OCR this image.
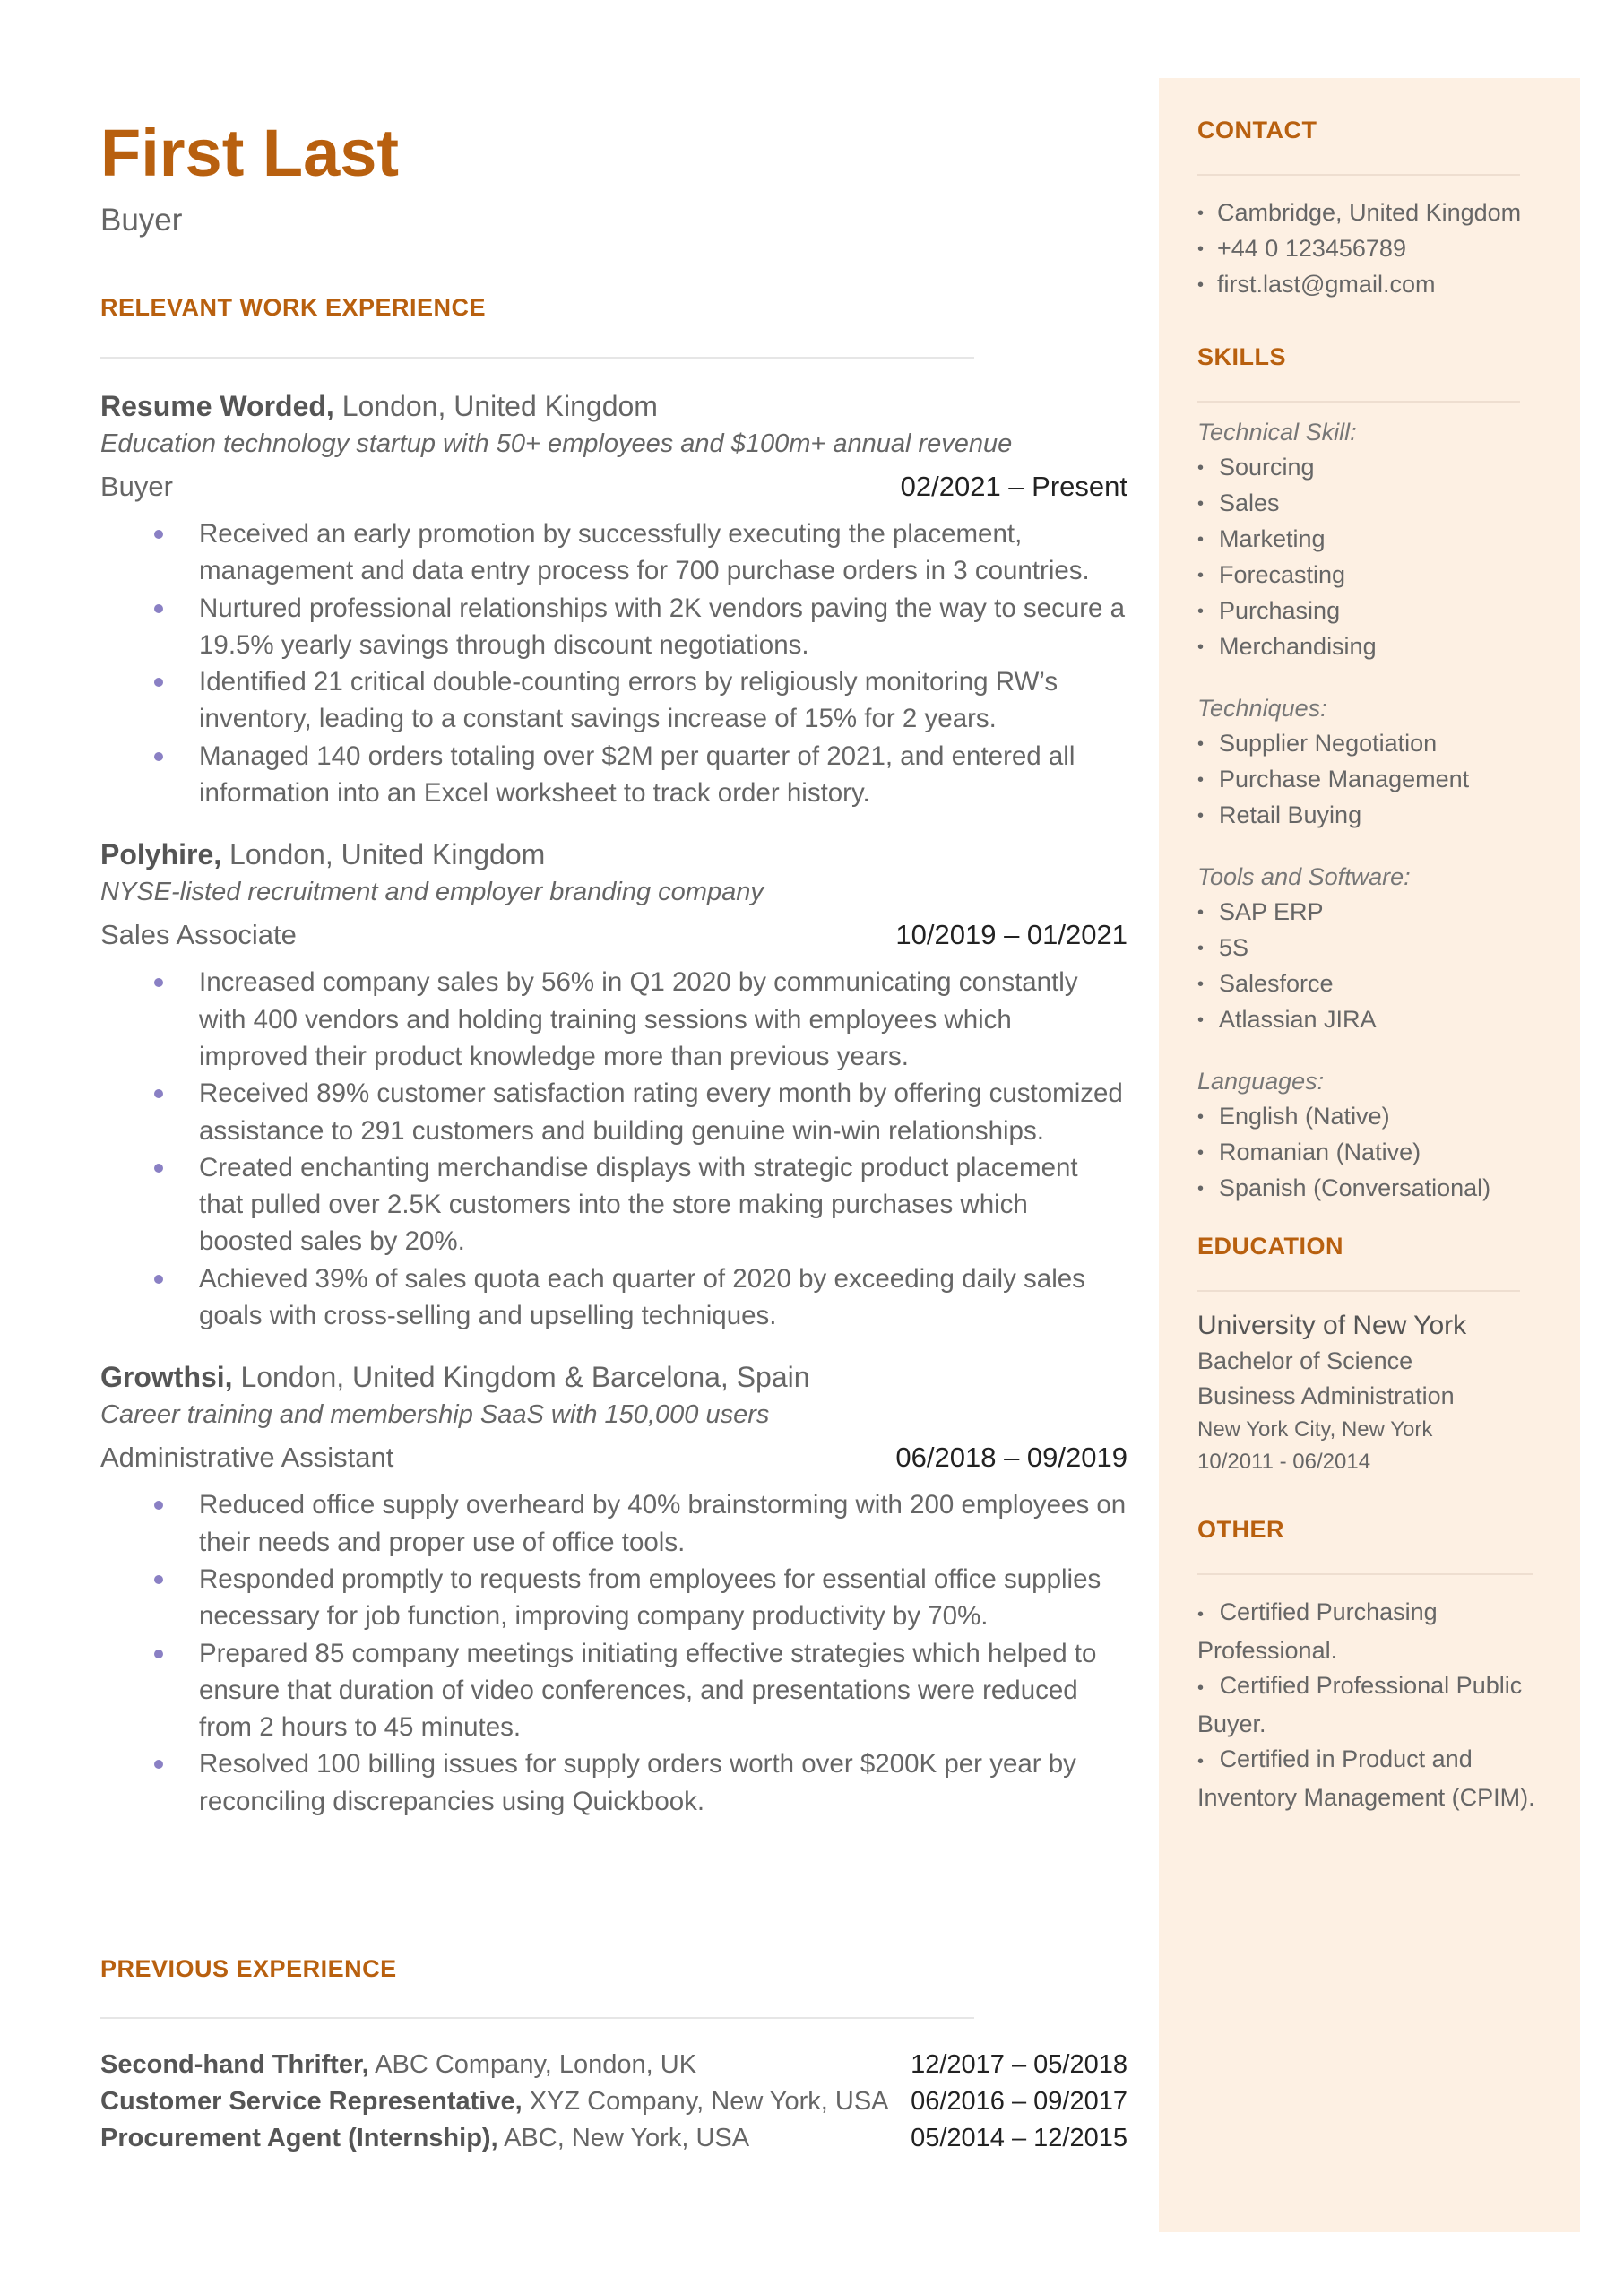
First Last
Buyer
RELEVANT WORK EXPERIENCE
Resume Worded, London, United Kingdom
Education technology startup with 50+ employees and $100m+ annual revenue
Buyer	02/2021 – Present
Received an early promotion by successfully executing the placement, management and data entry process for 700 purchase orders in 3 countries.
Nurtured professional relationships with 2K vendors paving the way to secure a 19.5% yearly savings through discount negotiations.
Identified 21 critical double-counting errors by religiously monitoring RW’s inventory, leading to a constant savings increase of 15% for 2 years.
Managed 140 orders totaling over $2M per quarter of 2021, and entered all information into an Excel worksheet to track order history.
Polyhire, London, United Kingdom
NYSE-listed recruitment and employer branding company
Sales Associate	10/2019 – 01/2021
Increased company sales by 56% in Q1 2020 by communicating constantly with 400 vendors and holding training sessions with employees which improved their product knowledge more than previous years.
Received 89% customer satisfaction rating every month by offering customized assistance to 291 customers and building genuine win-win relationships.
Created enchanting merchandise displays with strategic product placement that pulled over 2.5K customers into the store making purchases which boosted sales by 20%.
Achieved 39% of sales quota each quarter of 2020 by exceeding daily sales goals with cross-selling and upselling techniques.
Growthsi, London, United Kingdom & Barcelona, Spain
Career training and membership SaaS with 150,000 users
Administrative Assistant	06/2018 – 09/2019
Reduced office supply overheard by 40% brainstorming with 200 employees on their needs and proper use of office tools.
Responded promptly to requests from employees for essential office supplies necessary for job function, improving company productivity by 70%.
Prepared 85 company meetings initiating effective strategies which helped to ensure that duration of video conferences, and presentations were reduced from 2 hours to 45 minutes.
Resolved 100 billing issues for supply orders worth over $200K per year by reconciling discrepancies using Quickbook.
PREVIOUS EXPERIENCE
Second-hand Thrifter, ABC Company, London, UK	12/2017 – 05/2018
Customer Service Representative, XYZ Company, New York, USA 06/2016 – 09/2017
Procurement Agent (Internship), ABC, New York, USA	05/2014 – 12/2015
CONTACT
• Cambridge, United Kingdom
• +44 0 123456789
• first.last@gmail.com
SKILLS
Technical Skill:
• Sourcing
• Sales
• Marketing
• Forecasting
• Purchasing
• Merchandising
Techniques:
• Supplier Negotiation
• Purchase Management
• Retail Buying
Tools and Software:
• SAP ERP
• 5S
• Salesforce
• Atlassian JIRA
Languages:
• English (Native)
• Romanian (Native)
• Spanish (Conversational)
EDUCATION
University of New York
Bachelor of Science
Business Administration
New York City, New York
10/2011 - 06/2014
OTHER
• Certified Purchasing Professional.
• Certified Professional Public Buyer.
• Certified in Product and Inventory Management (CPIM).
